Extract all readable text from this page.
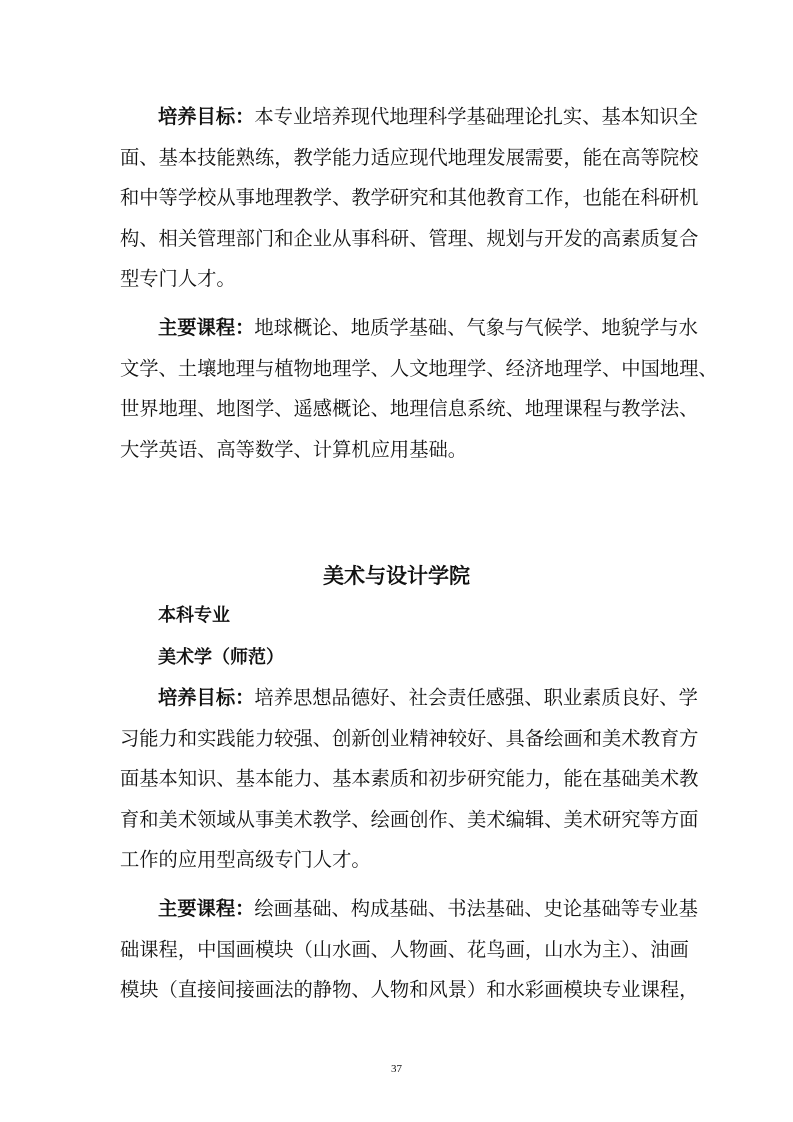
培养目标：本专业培养现代地理科学基础理论扎实、基本知识全
面、基本技能熟练，教学能力适应现代地理发展需要，能在高等院校
和中等学校从事地理教学、教学研究和其他教育工作，也能在科研机
构、相关管理部门和企业从事科研、管理、规划与开发的高素质复合
型专门人才。

主要课程：地球概论、地质学基础、气象与气候学、地貌学与水
文学、土壤地理与植物地理学、人文地理学、经济地理学、中国地理、
世界地理、地图学、遥感概论、地理信息系统、地理课程与教学法、
大学英语、高等数学、计算机应用基础。

美术与设计学院
本科专业
美术学（师范）

培养目标：培养思想品德好、社会责任感强、职业素质良好、学
习能力和实践能力较强、创新创业精神较好、具备绘画和美术教育方
面基本知识、基本能力、基本素质和初步研究能力，能在基础美术教
育和美术领域从事美术教学、绘画创作、美术编辑、美术研究等方面
工作的应用型高级专门人才。

主要课程：绘画基础、构成基础、书法基础、史论基础等专业基
础课程，中国画模块（山水画、人物画、花鸟画，山水为主）、油画
模块（直接间接画法的静物、人物和风景）和水彩画模块专业课程，

37
